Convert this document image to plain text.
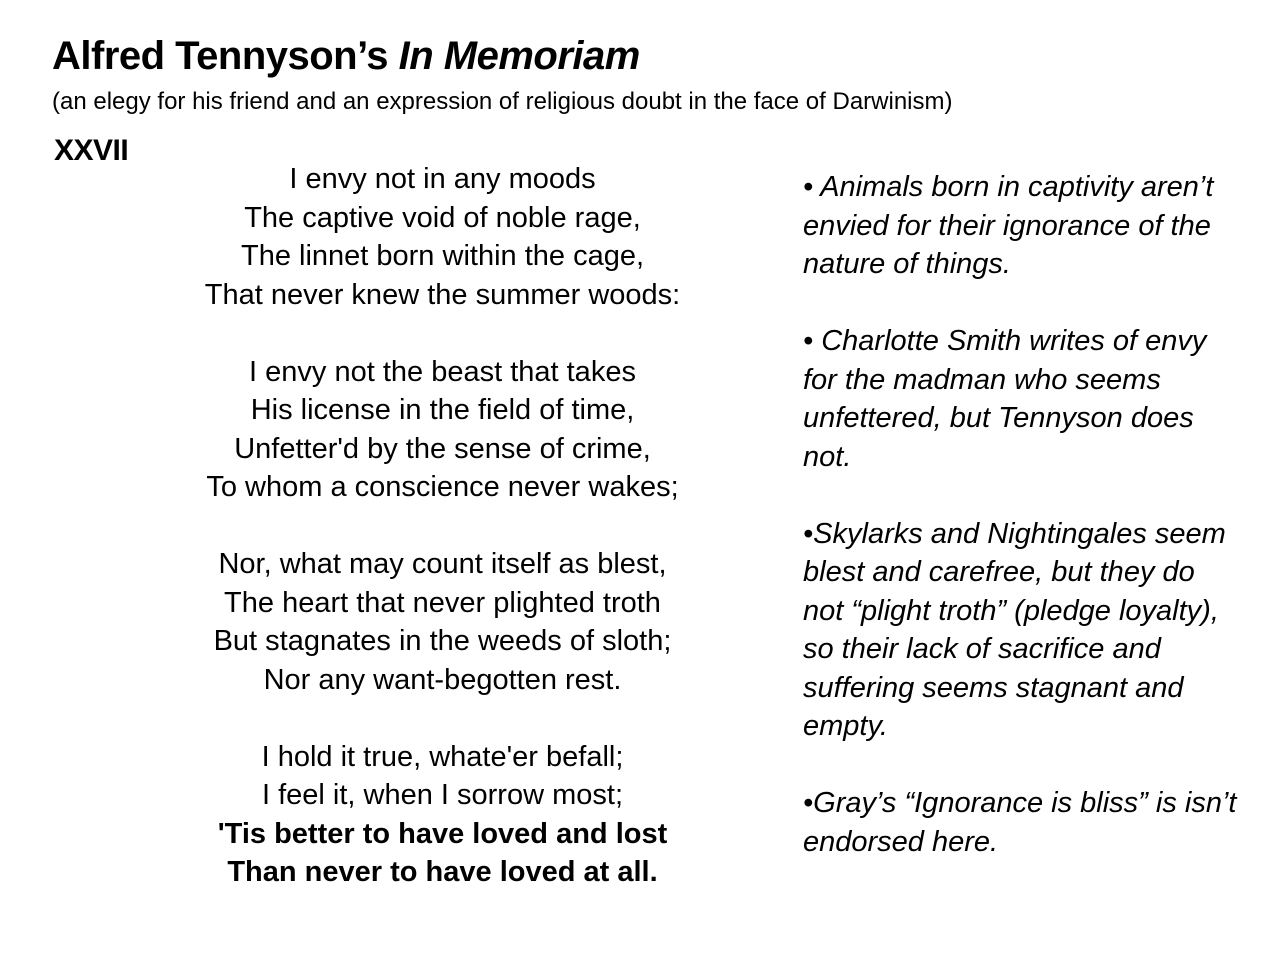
Alfred Tennyson’s In Memoriam
(an elegy for his friend and an expression of religious doubt in the face of Darwinism)
XXVII
I envy not in any moods
The captive void of noble rage,
The linnet born within the cage,
That never knew the summer woods:
I envy not the beast that takes
His license in the field of time,
Unfetter'd by the sense of crime,
To whom a conscience never wakes;
Nor, what may count itself as blest,
The heart that never plighted troth
But stagnates in the weeds of sloth;
Nor any want-begotten rest.
I hold it true, whate'er befall;
I feel it, when I sorrow most;
'Tis better to have loved and lost
Than never to have loved at all.
• Animals born in captivity aren’t envied for their ignorance of the nature of things.
• Charlotte Smith writes of envy for the madman who seems unfettered, but Tennyson does not.
•Skylarks and Nightingales seem blest and carefree, but they do not “plight troth” (pledge loyalty), so their lack of sacrifice and suffering seems stagnant and empty.
•Gray’s “Ignorance is bliss” is isn’t endorsed here.
